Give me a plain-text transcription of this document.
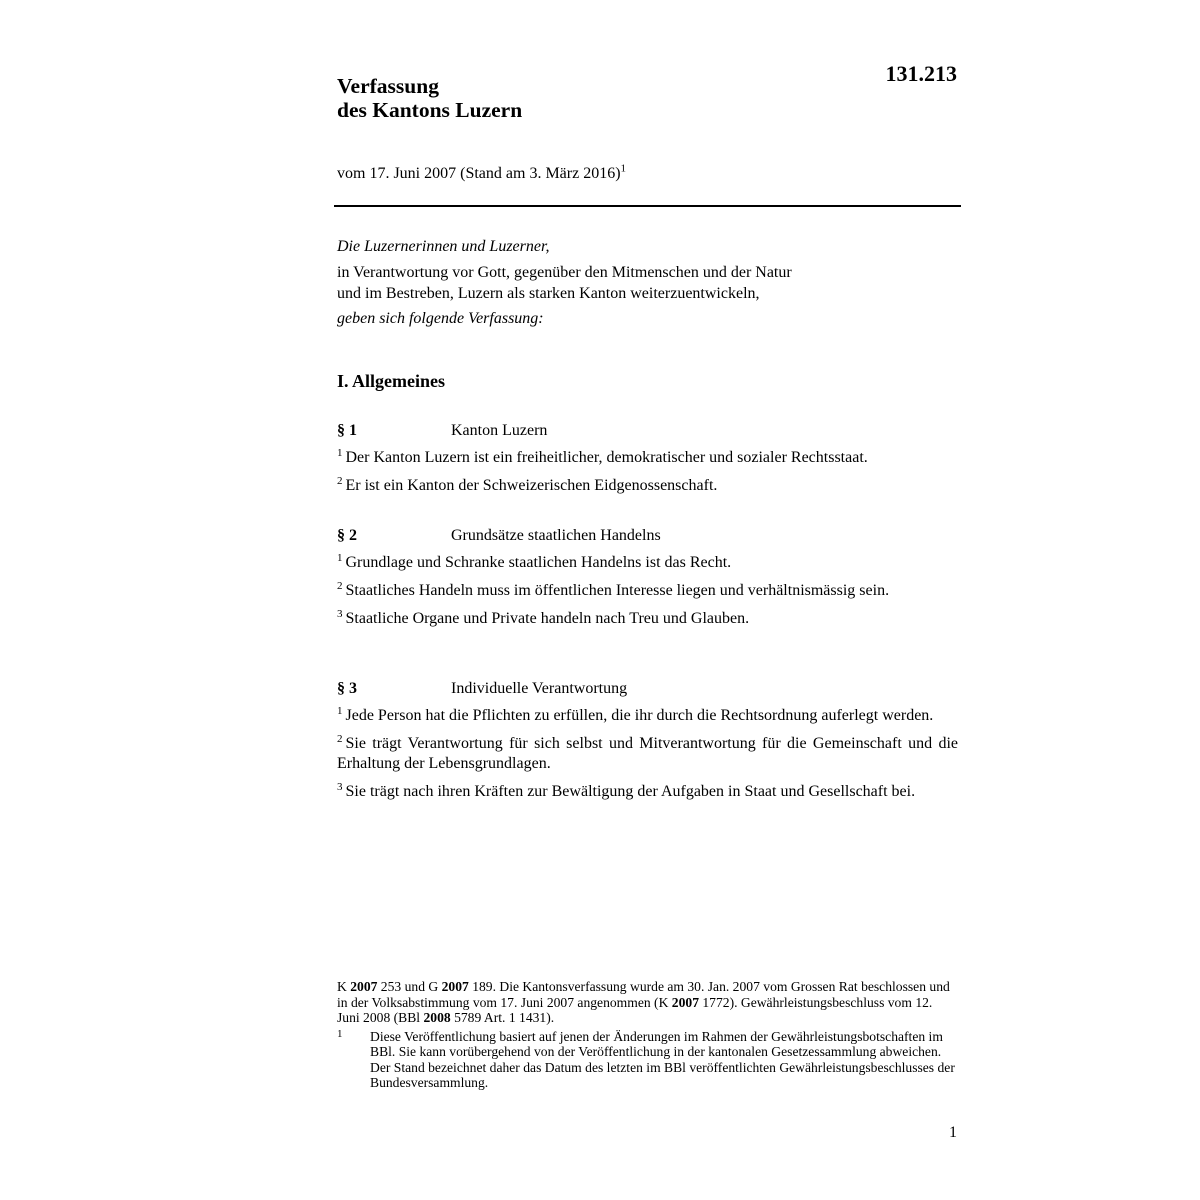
131.213
Verfassung
des Kantons Luzern
vom 17. Juni 2007 (Stand am 3. März 2016)$^1$
Die Luzernerinnen und Luzerner,
in Verantwortung vor Gott, gegenüber den Mitmenschen und der Natur
und im Bestreben, Luzern als starken Kanton weiterzuentwickeln,
geben sich folgende Verfassung:
I. Allgemeines
§ 1	Kanton Luzern

$^1$ Der Kanton Luzern ist ein freiheitlicher, demokratischer und sozialer Rechtsstaat.

$^2$ Er ist ein Kanton der Schweizerischen Eidgenossenschaft.

§ 2	Grundsätze staatlichen Handelns

$^1$ Grundlage und Schranke staatlichen Handelns ist das Recht.

$^2$ Staatliches Handeln muss im öffentlichen Interesse liegen und verhältnismässig sein.

$^3$ Staatliche Organe und Private handeln nach Treu und Glauben.

§ 3	Individuelle Verantwortung

$^1$ Jede Person hat die Pflichten zu erfüllen, die ihr durch die Rechtsordnung auferlegt werden.

$^2$ Sie trägt Verantwortung für sich selbst und Mitverantwortung für die Gemeinschaft und die Erhaltung der Lebensgrundlagen.

$^3$ Sie trägt nach ihren Kräften zur Bewältigung der Aufgaben in Staat und Gesellschaft bei.

K 2007 253 und G 2007 189. Die Kantonsverfassung wurde am 30. Jan. 2007 vom Grossen Rat beschlossen und in der Volksabstimmung vom 17. Juni 2007 angenommen (K 2007 1772). Gewährleistungsbeschluss vom 12. Juni 2008 (BBl 2008 5789 Art. 1 1431).
1 Diese Veröffentlichung basiert auf jenen der Änderungen im Rahmen der Gewährleistungsbotschaften im BBl. Sie kann vorübergehend von der Veröffentlichung in der kantonalen Gesetzessammlung abweichen. Der Stand bezeichnet daher das Datum des letzten im BBl veröffentlichten Gewährleistungsbeschlusses der Bundesversammlung.
1
